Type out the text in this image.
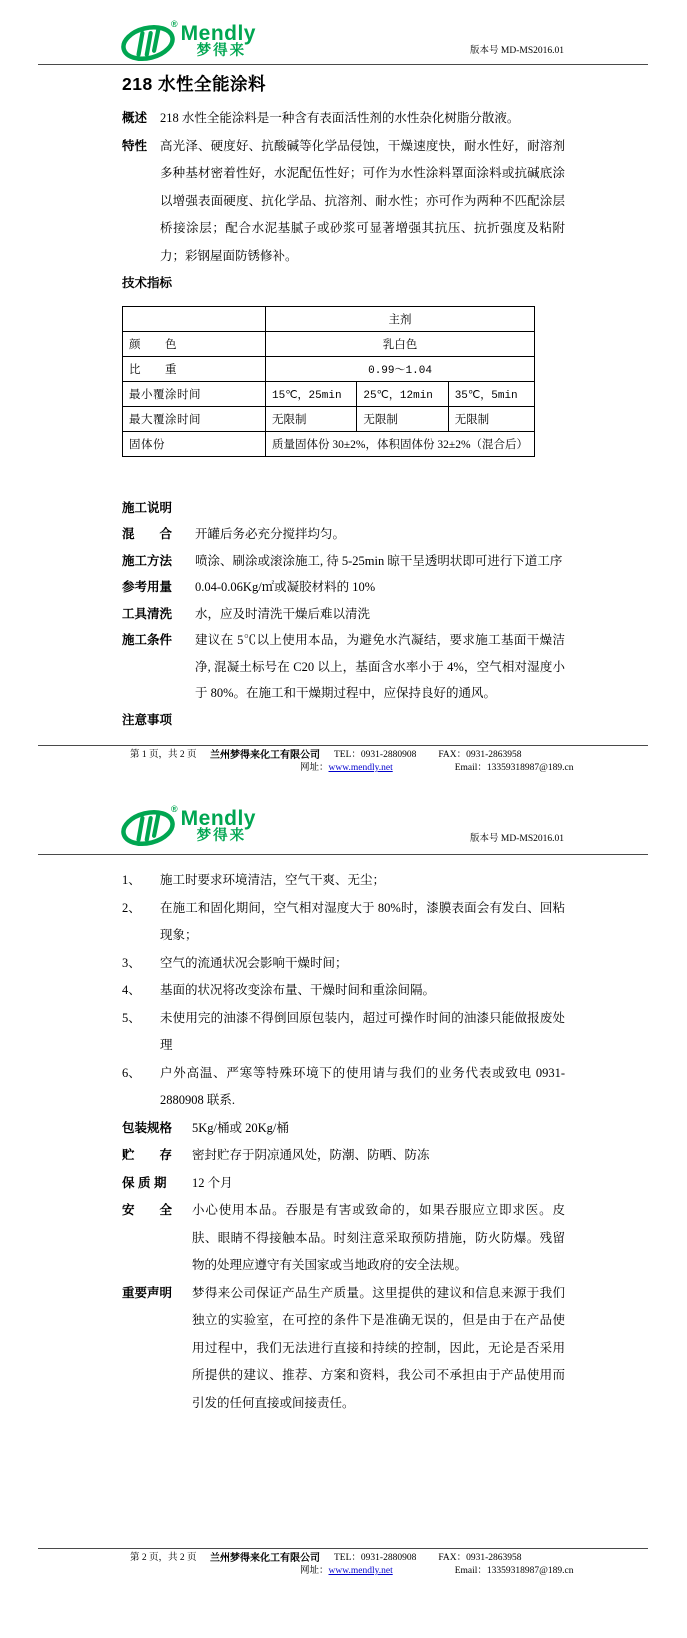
® Mendly
梦得来	版本号 MD-MS2016.01
218 水性全能涂料
概述	218 水性全能涂料是一种含有表面活性剂的水性杂化树脂分散液。
特性	高光泽、硬度好、抗酸碱等化学品侵蚀，干燥速度快，耐水性好，耐溶剂多种基材密着性好，水泥配伍性好；可作为水性涂料罩面涂料或抗碱底涂以增强表面硬度、抗化学品、抗溶剂、耐水性；亦可作为两种不匹配涂层桥接涂层；配合水泥基腻子或砂浆可显著增强其抗压、抗折强度及粘附力；彩钢屋面防锈修补。
技术指标
	主剂		
颜　　色	乳白色		
比　　重	0.99～1.04		
最小覆涂时间	15℃，25min	25℃，12min	35℃，5min
最大覆涂时间	无限制	无限制	无限制
固体份	质量固体份 30±2%，体积固体份 32±2%（混合后）		
施工说明
混　　合	开罐后务必充分搅拌均匀。
施工方法	喷涂、刷涂或滚涂施工, 待 5-25min 晾干呈透明状即可进行下道工序
参考用量	0.04-0.06Kg/㎡或凝胶材料的 10%
工具清洗	水，应及时清洗干燥后难以清洗
施工条件	建议在 5℃以上使用本品，为避免水汽凝结，要求施工基面干燥洁净, 混凝土标号在 C20 以上，基面含水率小于 4%，空气相对湿度小于 80%。在施工和干燥期过程中，应保持良好的通风。
注意事项
第 1 页，共 2 页	兰州梦得来化工有限公司 TEL：0931-2880908 FAX：0931-2863958
网址：www.mendly.net	Email：13359318987@189.cn
® Mendly
梦得来	版本号 MD-MS2016.01
1、	施工时要求环境清洁，空气干爽、无尘；
2、	在施工和固化期间，空气相对湿度大于 80%时，漆膜表面会有发白、回粘现象；
3、	空气的流通状况会影响干燥时间；
4、	基面的状况将改变涂布量、干燥时间和重涂间隔。
5、	未使用完的油漆不得倒回原包装内，超过可操作时间的油漆只能做报废处理
6、	户外高温、严寒等特殊环境下的使用请与我们的业务代表或致电 0931-2880908 联系.
包装规格	5Kg/桶或 20Kg/桶
贮　　存	密封贮存于阴凉通风处，防潮、防晒、防冻
保 质 期	12 个月
安　　全	小心使用本品。吞服是有害或致命的，如果吞服应立即求医。皮肤、眼睛不得接触本品。时刻注意采取预防措施，防火防爆。残留物的处理应遵守有关国家或当地政府的安全法规。
重要声明	梦得来公司保证产品生产质量。这里提供的建议和信息来源于我们独立的实验室，在可控的条件下是准确无误的，但是由于在产品使用过程中，我们无法进行直接和持续的控制，因此，无论是否采用所提供的建议、推荐、方案和资料，我公司不承担由于产品使用而引发的任何直接或间接责任。
第 2 页，共 2 页	兰州梦得来化工有限公司 TEL：0931-2880908 FAX：0931-2863958
网址：www.mendly.net	Email：13359318987@189.cn
